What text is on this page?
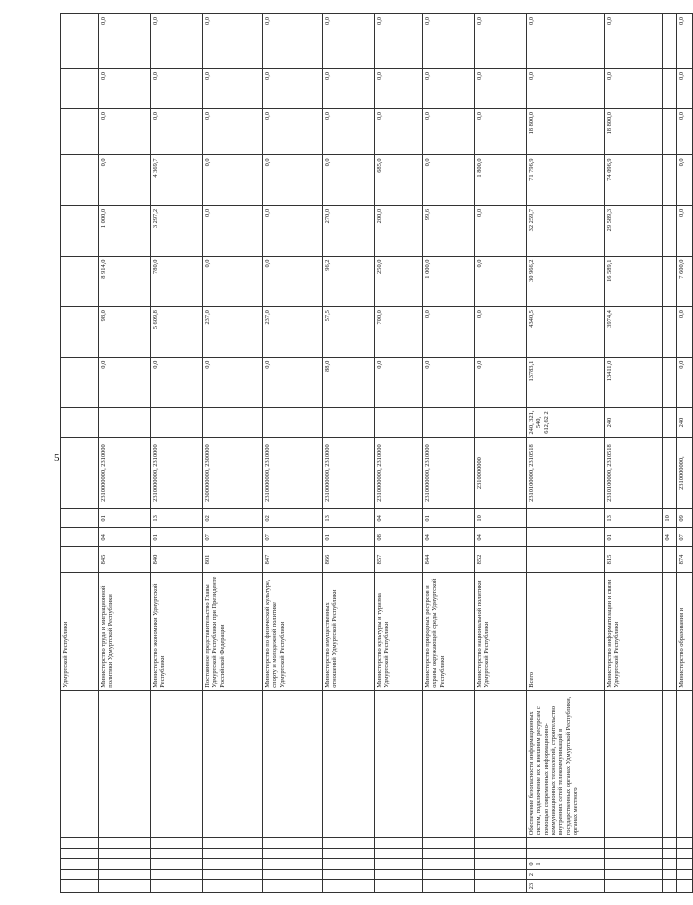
5
						Удмуртской Республики													
						Министерство труда и миграционной политики Удмуртской Республики	845	04	01	2310000000, 2310000		0,0	98,0	8 914,0	1 000,0	0,0	0,0	0,0	0,0
						Министерство экономики Удмуртской Республики	840	01	13	2310000000, 2310000		0,0	5 609,8	780,0	3 297,2	4 369,7	0,0	0,0	0,0
						Постоянное представительство Главы Удмуртской Республики при Президенте Российской Федерации	801	07	02	2300000000, 2300000		0,0	237,0	0,0	0,0	0,0	0,0	0,0	0,0
						Министерство по физической культуре, спорту и молодежной политике Удмуртской Республики	847	07	02	2310000000, 2310000		0,0	237,0	0,0	0,0	0,0	0,0	0,0	0,0
						Министерство имущественных отношений Удмуртской Республики	866	01	13	2310000000, 2310000		88,0	57,5	96,2	270,0	0,0	0,0	0,0	0,0
						Министерство культуры и туризма Удмуртской Республики	857	08	04	2310000000, 2310000		0,0	700,0	250,0	200,0	685,0	0,0	0,0	0,0
						Министерство природных ресурсов и охраны окружающей среды Удмуртской Республики	844	04	01	2310000000, 2310000		0,0	0,0	1 000,0	99,6	0,0	0,0	0,0	0,0
						Министерство национальной политики Удмуртской Республики	852	04	10	2310000000		0,0	0,0	0,0	0,0	1 800,0	0,0	0,0	0,0
23	2	01			Обеспечение безопасности информационных систем, подключение их к внешним ресурсам с помощью современных информационно-коммуникационных технологий, строительство внутренних сетей телекоммуникаций в государственных органах Удмуртской Республики, органах местного	Всего				2310100000, 2310518	240, 321, 540, 612,62 2	13783,1	4340,5	30 966,2	32 259,7	71 796,9	18 800,0	0,0	0,0
						Министерство информатизации и связи Удмуртской Республики	815	01	13	2310100000, 2310518	240	13411,0	3974,4	16 589,1	29 589,3	74 096,9	18 800,0	0,0	0,0
								04	10										
						Министерство образования и	874	07	09	2310000000,	240	0,0	0,0	7 600,0	0,0	0,0	0,0	0,0	0,0
